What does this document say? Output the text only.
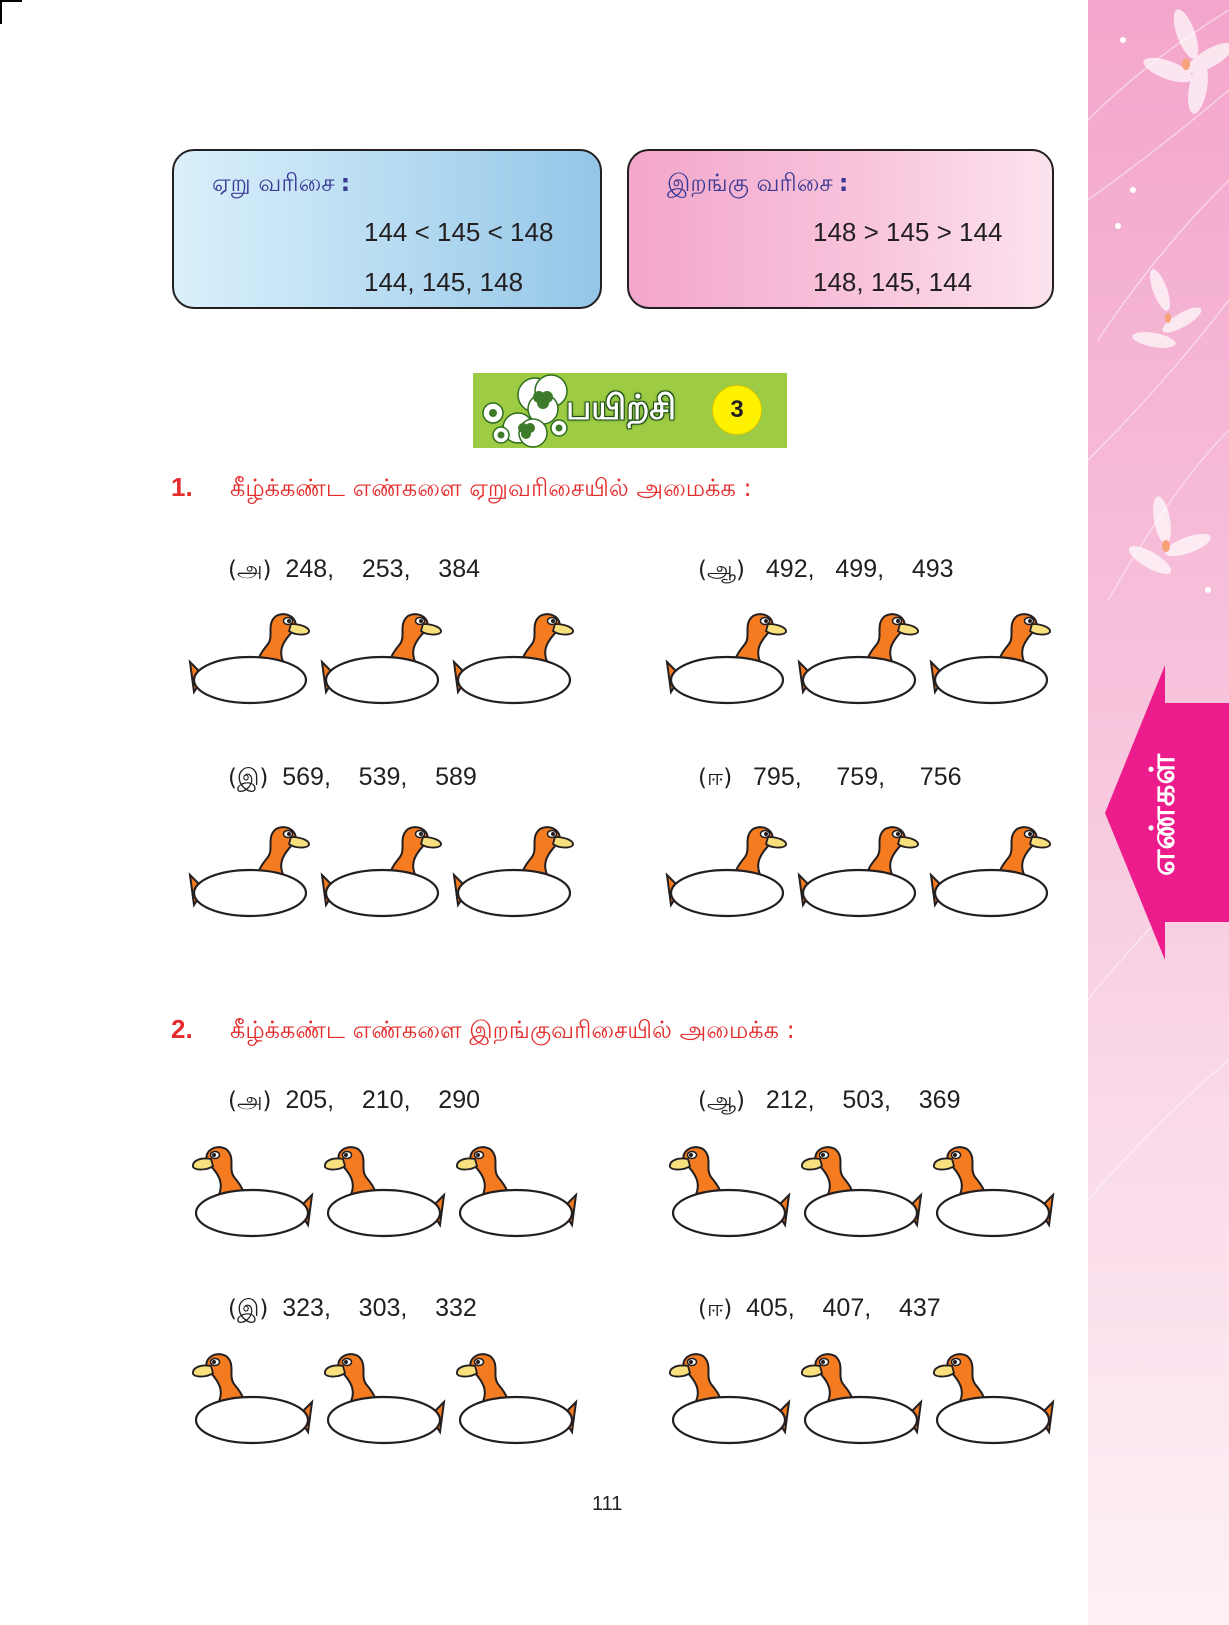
எண்கள்
ஏறு வரிசை :
144 < 145 < 148
144, 145, 148
இறங்கு வரிசை :
148 > 145 > 144
148, 145, 144
பயிற்சி	3
1. கீழ்க்கண்ட எண்களை ஏறுவரிசையில் அமைக்க :
(அ) 248,    253,    384	(ஆ) 492,   499,    493
(இ) 569,    539,    589	(ஈ) 795,     759,     756
2. கீழ்க்கண்ட எண்களை இறங்குவரிசையில் அமைக்க :
(அ) 205,    210,    290	(ஆ) 212,    503,    369
(இ) 323,    303,    332	(ஈ) 405,    407,    437
111
